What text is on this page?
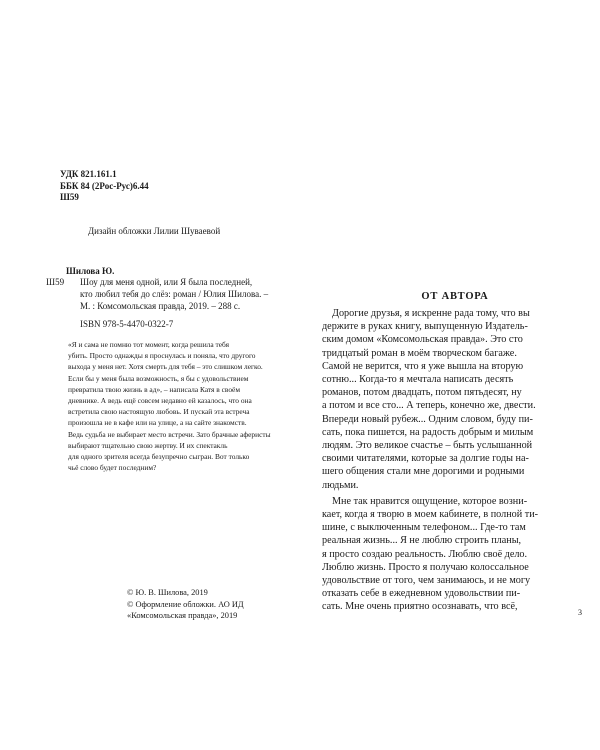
УДК 821.161.1
ББК 84 (2Рос-Рус)6.44
Ш59
Дизайн обложки Лилии Шуваевой
Шилова Ю.
Ш59 Шоу для меня одной, или Я была последней,
кто любил тебя до слёз: роман / Юлия Шилова. –
М. : Комсомольская правда, 2019. – 288 с.
ISBN 978-5-4470-0322-7
«Я и сама не помню тот момент, когда решила тебя
убить. Просто однажды я проснулась и поняла, что другого
выхода у меня нет. Хотя смерть для тебя – это слишком легко.
Если бы у меня была возможность, я бы с удовольствием
превратила твою жизнь в ад», – написала Катя в своём
дневнике. А ведь ещё совсем недавно ей казалось, что она
встретила свою настоящую любовь. И пускай эта встреча
произошла не в кафе или на улице, а на сайте знакомств.
Ведь судьба не выбирает место встречи. Зато брачные аферисты
выбирают тщательно свою жертву. И их спектакль
для одного зрителя всегда безупречно сыгран. Вот только
чьё слово будет последним?
© Ю. В. Шилова, 2019
© Оформление обложки. АО ИД
«Комсомольская правда», 2019
ОТ АВТОРА
Дорогие друзья, я искренне рада тому, что вы
держите в руках книгу, выпущенную Издатель-
ским домом «Комсомольская правда». Это сто
тридцатый роман в моём творческом багаже.
Самой не верится, что я уже вышла на вторую
сотню... Когда-то я мечтала написать десять
романов, потом двадцать, потом пятьдесят, ну
а потом и все сто... А теперь, конечно же, двести.
Впереди новый рубеж... Одним словом, буду пи-
сать, пока пишется, на радость добрым и милым
людям. Это великое счастье – быть услышанной
своими читателями, которые за долгие годы на-
шего общения стали мне дорогими и родными
людьми.
Мне так нравится ощущение, которое возни-
кает, когда я творю в моем кабинете, в полной ти-
шине, с выключенным телефоном... Где-то там
реальная жизнь... Я не люблю строить планы,
я просто создаю реальность. Люблю своё дело.
Люблю жизнь. Просто я получаю колоссальное
удовольствие от того, чем занимаюсь, и не могу
отказать себе в ежедневном удовольствии пи-
сать. Мне очень приятно осознавать, что всё,
3
